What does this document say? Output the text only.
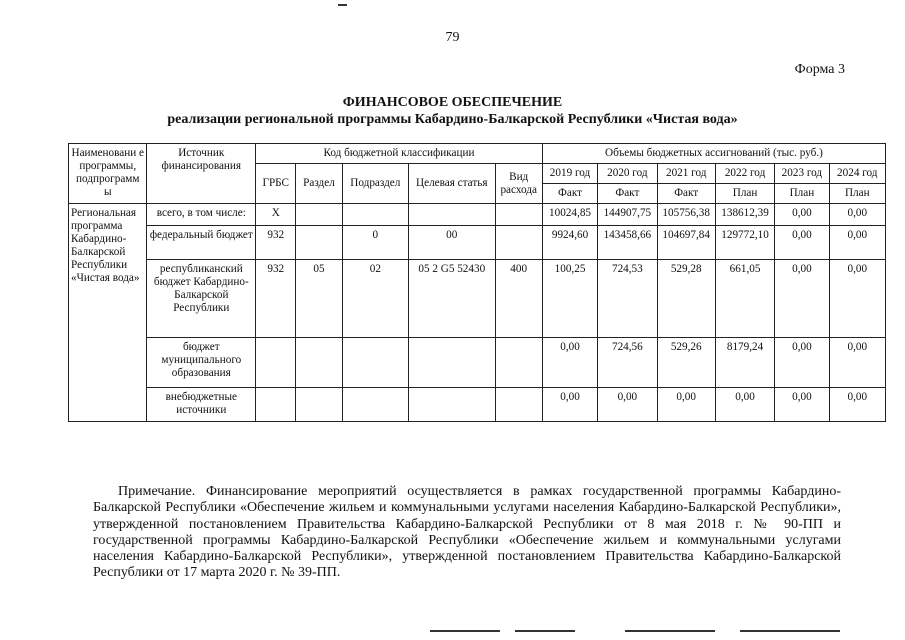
79
Форма 3
ФИНАНСОВОЕ ОБЕСПЕЧЕНИЕ
реализации региональной программы Кабардино-Балкарской Республики «Чистая вода»
Наименовани е программы, подпрограмм ы	Источник финансирования	Код бюджетной классификации					Объемы бюджетных ассигнований (тыс. руб.)					
		ГРБС	Раздел	Подраздел	Целевая статья	Вид расхода	2019 год	2020 год	2021 год	2022 год	2023 год	2024 год
							Факт	Факт	Факт	План	План	План
Региональная программа Кабардино-Балкарской Республики «Чистая вода»	всего, в том числе:	X					10024,85	144907,75	105756,38	138612,39	0,00	0,00
	федеральный бюджет	932		0	00		9924,60	143458,66	104697,84	129772,10	0,00	0,00
	республиканский бюджет Кабардино-Балкарской Республики	932	05	02	05 2 G5 52430	400	100,25	724,53	529,28	661,05	0,00	0,00
	бюджет муниципального образования						0,00	724,56	529,26	8179,24	0,00	0,00
	внебюджетные источники						0,00	0,00	0,00	0,00	0,00	0,00
Примечание. Финансирование мероприятий осуществляется в рамках государственной программы Кабардино-Балкарской Республики «Обеспечение жильем и коммунальными услугами населения Кабардино-Балкарской Республики», утвержденной постановлением Правительства Кабардино-Балкарской Республики от 8 мая 2018 г. № 90-ПП и государственной программы Кабардино-Балкарской Республики «Обеспечение жильем и коммунальными услугами населения Кабардино-Балкарской Республики», утвержденной постановлением Правительства Кабардино-Балкарской Республики от 17 марта 2020 г. № 39-ПП.
